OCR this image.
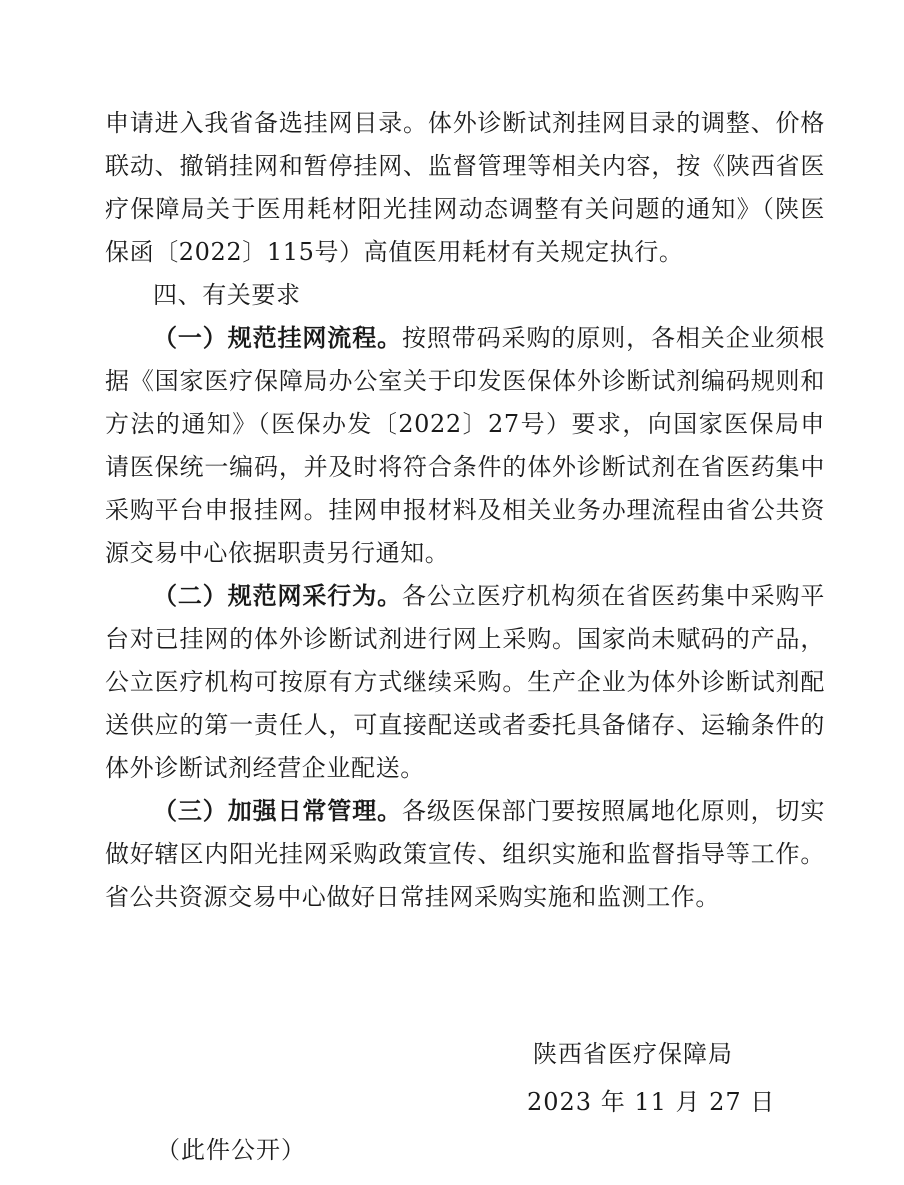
申请进入我省备选挂网目录。体外诊断试剂挂网目录的调整、价格联动、撤销挂网和暂停挂网、监督管理等相关内容，按《陕西省医疗保障局关于医用耗材阳光挂网动态调整有关问题的通知》（陕医保函〔2022〕115号）高值医用耗材有关规定执行。

四、有关要求

（一）规范挂网流程。按照带码采购的原则，各相关企业须根据《国家医疗保障局办公室关于印发医保体外诊断试剂编码规则和方法的通知》（医保办发〔2022〕27号）要求，向国家医保局申请医保统一编码，并及时将符合条件的体外诊断试剂在省医药集中采购平台申报挂网。挂网申报材料及相关业务办理流程由省公共资源交易中心依据职责另行通知。

（二）规范网采行为。各公立医疗机构须在省医药集中采购平台对已挂网的体外诊断试剂进行网上采购。国家尚未赋码的产品，公立医疗机构可按原有方式继续采购。生产企业为体外诊断试剂配送供应的第一责任人，可直接配送或者委托具备储存、运输条件的体外诊断试剂经营企业配送。

（三）加强日常管理。各级医保部门要按照属地化原则，切实做好辖区内阳光挂网采购政策宣传、组织实施和监督指导等工作。省公共资源交易中心做好日常挂网采购实施和监测工作。

陕西省医疗保障局
2023 年 11 月 27 日
（此件公开）
